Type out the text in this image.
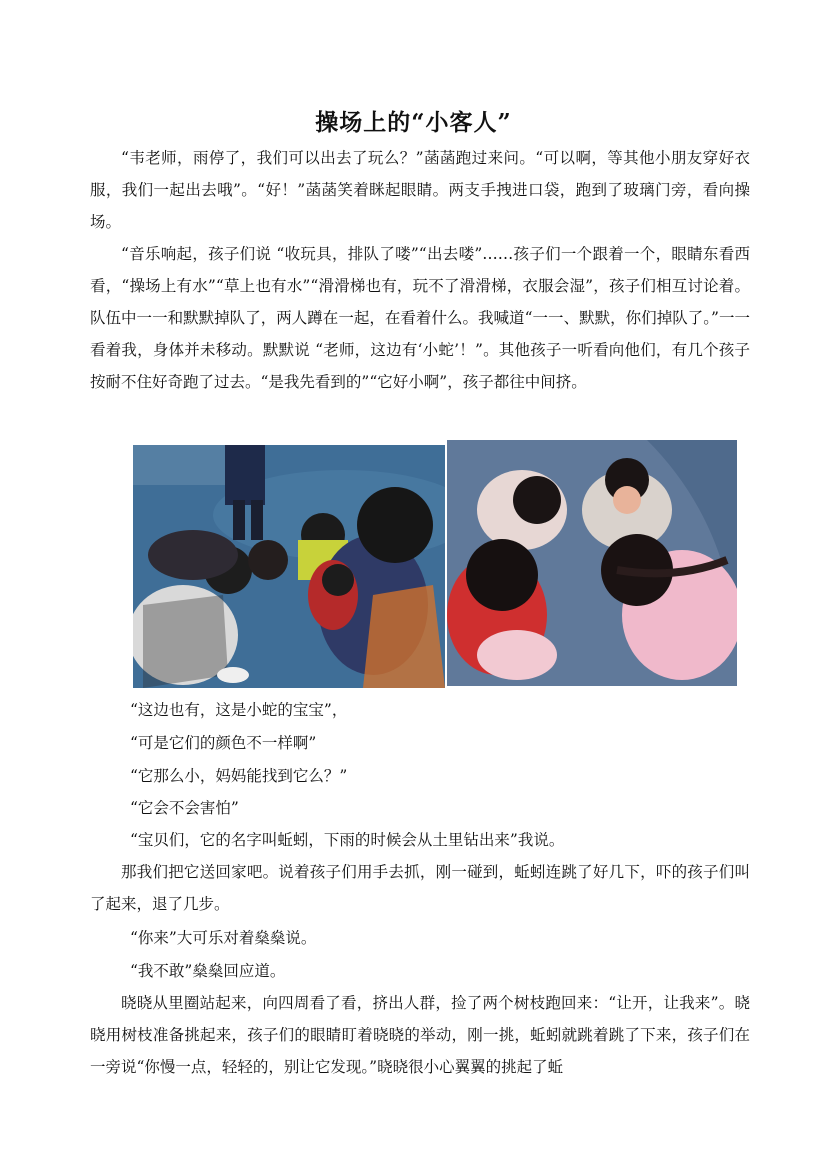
操场上的“小客人”

“韦老师，雨停了，我们可以出去了玩么？”菡菡跑过来问。“可以啊，等其他小朋友穿好衣服，我们一起出去哦”。“好！”菡菡笑着眯起眼睛。两支手拽进口袋，跑到了玻璃门旁，看向操场。

“音乐响起，孩子们说 “收玩具，排队了喽”“出去喽”……孩子们一个跟着一个，眼睛东看西看，“操场上有水”“草上也有水”“滑滑梯也有，玩不了滑滑梯，衣服会湿”，孩子们相互讨论着。队伍中一一和默默掉队了，两人蹲在一起，在看着什么。我喊道“一一、默默，你们掉队了。”一一看着我，身体并未移动。默默说 “老师，这边有‘小蛇’！”。其他孩子一听看向他们，有几个孩子按耐不住好奇跑了过去。“是我先看到的”“它好小啊”，孩子都往中间挤。

“这边也有，这是小蛇的宝宝”，
“可是它们的颜色不一样啊”
“它那么小，妈妈能找到它么？”
“它会不会害怕”
“宝贝们，它的名字叫蚯蚓，下雨的时候会从土里钻出来”我说。

那我们把它送回家吧。说着孩子们用手去抓，刚一碰到，蚯蚓连跳了好几下，吓的孩子们叫了起来，退了几步。

“你来”大可乐对着燊燊说。
“我不敢”燊燊回应道。

晓晓从里圈站起来，向四周看了看，挤出人群，捡了两个树枝跑回来：“让开，让我来”。晓晓用树枝准备挑起来，孩子们的眼睛盯着晓晓的举动，刚一挑，蚯蚓就跳着跳了下来，孩子们在一旁说“你慢一点，轻轻的，别让它发现。”晓晓很小心翼翼的挑起了蚯
